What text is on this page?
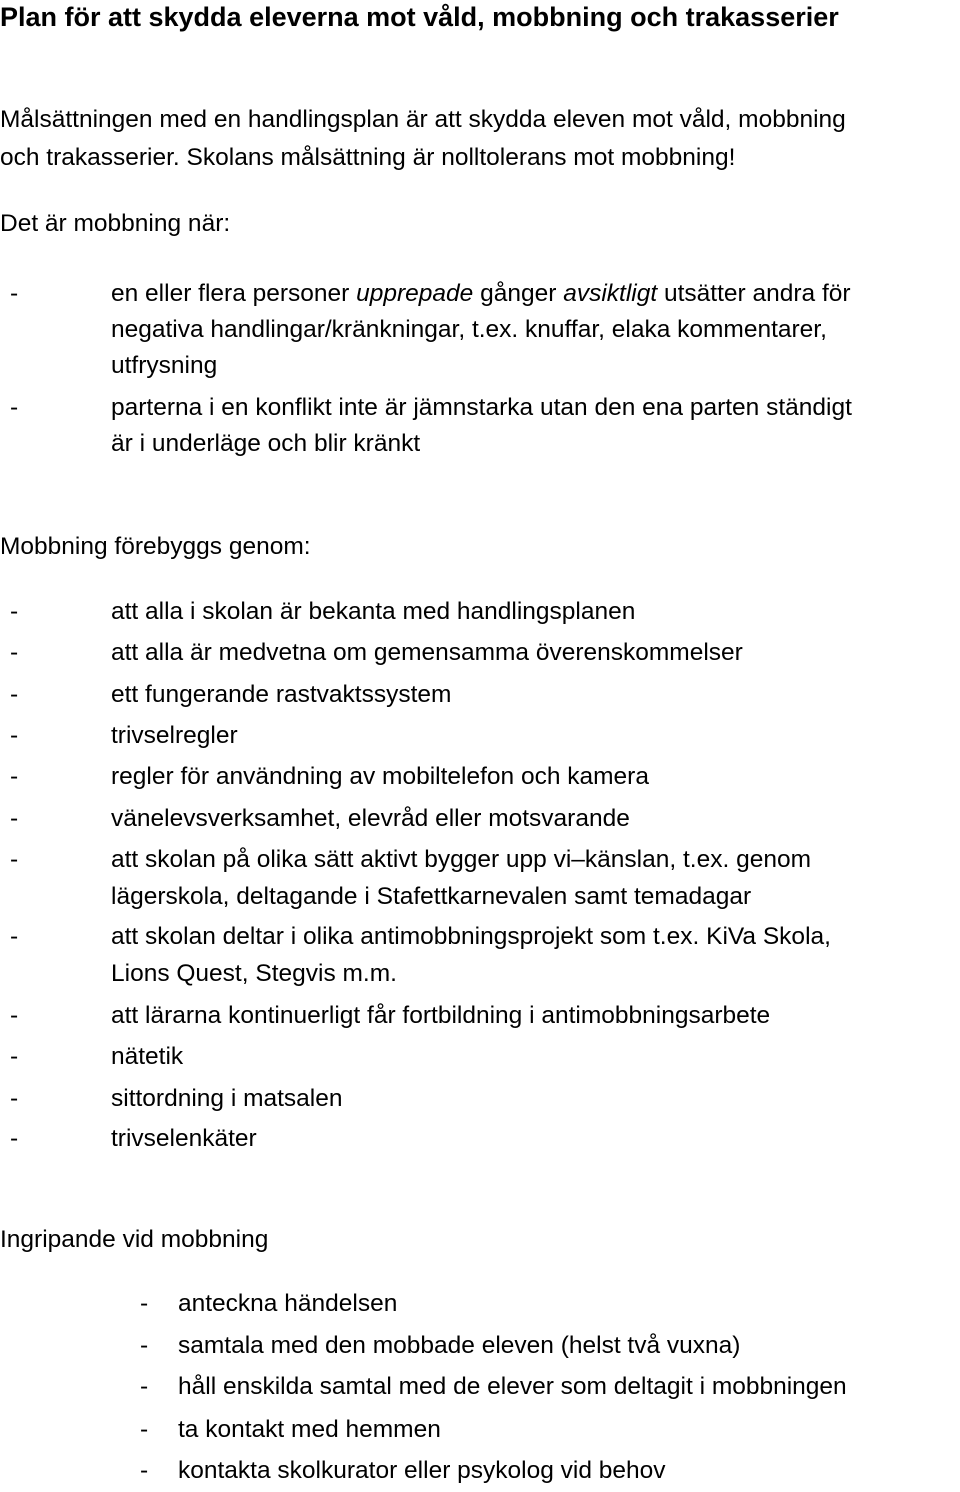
Plan för att skydda eleverna mot våld, mobbning och trakasserier
Målsättningen med en handlingsplan är att skydda eleven mot våld, mobbning
och trakasserier. Skolans målsättning är nolltolerans mot mobbning!
Det är mobbning när:
-	en eller flera personer upprepade gånger avsiktligt utsätter andra för
negativa handlingar/kränkningar, t.ex. knuffar, elaka kommentarer,
utfrysning
-	parterna i en konflikt inte är jämnstarka utan den ena parten ständigt
är i underläge och blir kränkt
Mobbning förebyggs genom:
-	att alla i skolan är bekanta med handlingsplanen
-	att alla är medvetna om gemensamma överenskommelser
-	ett fungerande rastvaktssystem
-	trivselregler
-	regler för användning av mobiltelefon och kamera
-	vänelevsverksamhet, elevråd eller motsvarande
-	att skolan på olika sätt aktivt bygger upp vi–känslan, t.ex. genom
lägerskola, deltagande i Stafettkarnevalen samt temadagar
-	att skolan deltar i olika antimobbningsprojekt som t.ex. KiVa Skola,
Lions Quest, Stegvis m.m.
-	att lärarna kontinuerligt får fortbildning i antimobbningsarbete
-	nätetik
-	sittordning i matsalen
-	trivselenkäter
Ingripande vid mobbning
- anteckna händelsen
- samtala med den mobbade eleven (helst två vuxna)
- håll enskilda samtal med de elever som deltagit i mobbningen
- ta kontakt med hemmen
- kontakta skolkurator eller psykolog vid behov
